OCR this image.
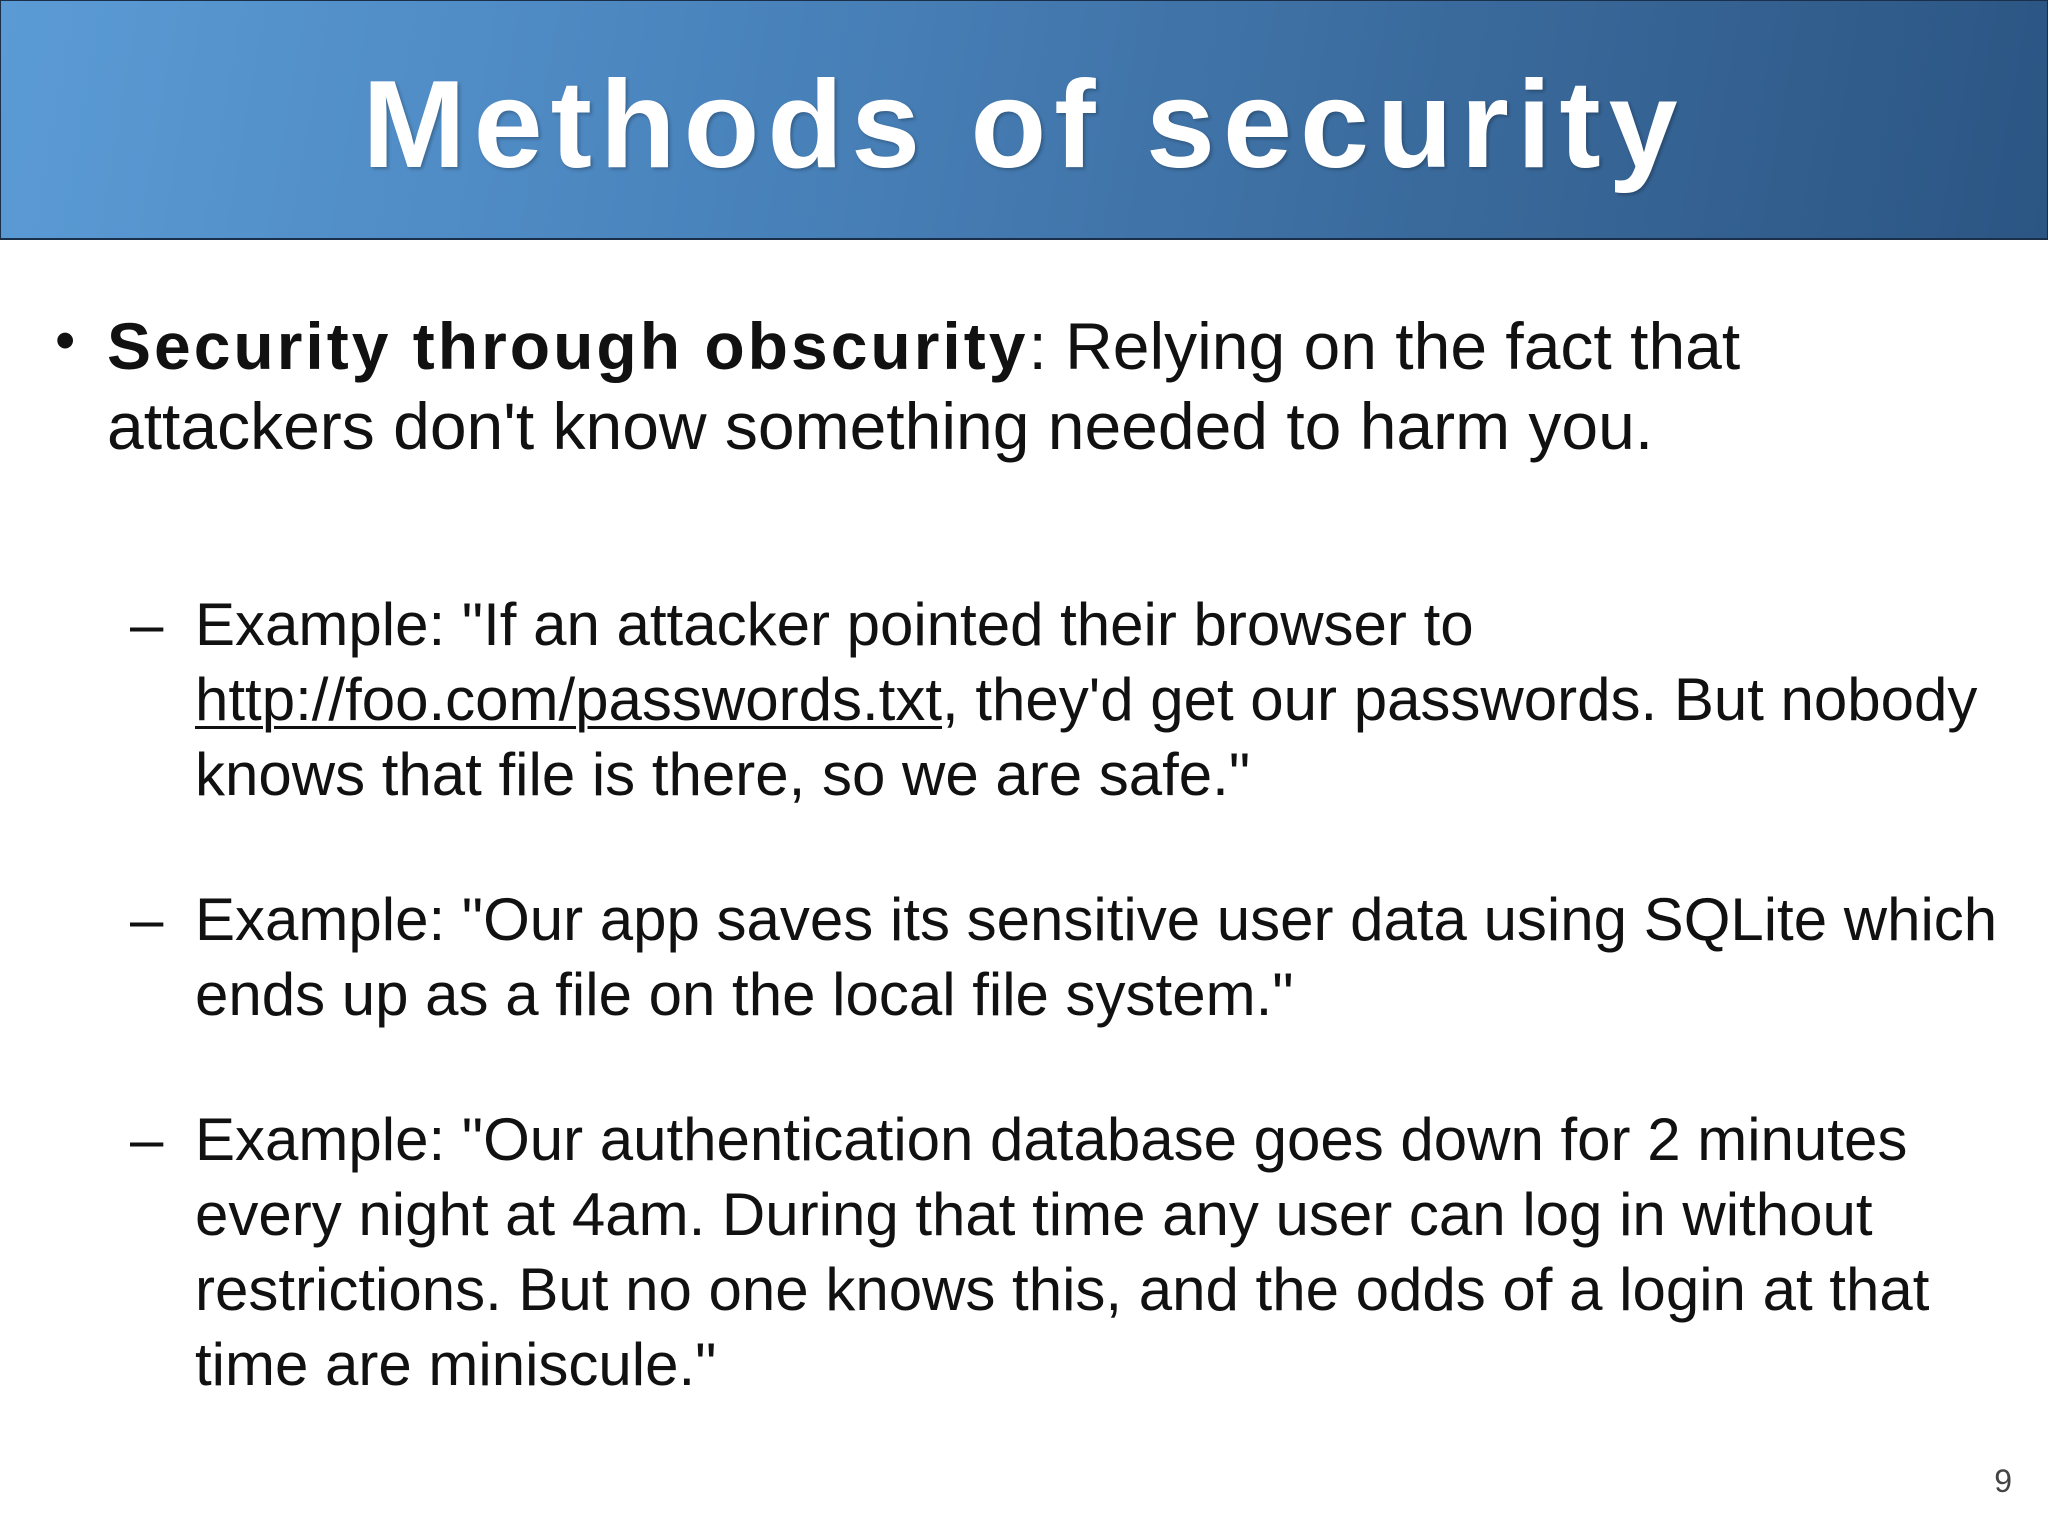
Methods of security
• Security through obscurity: Relying on the fact that attackers don't know something needed to harm you.
– Example: "If an attacker pointed their browser to http://foo.com/passwords.txt, they'd get our passwords. But nobody knows that file is there, so we are safe."
– Example: "Our app saves its sensitive user data using SQLite which ends up as a file on the local file system."
– Example: "Our authentication database goes down for 2 minutes every night at 4am. During that time any user can log in without restrictions. But no one knows this, and the odds of a login at that time are miniscule."
9
